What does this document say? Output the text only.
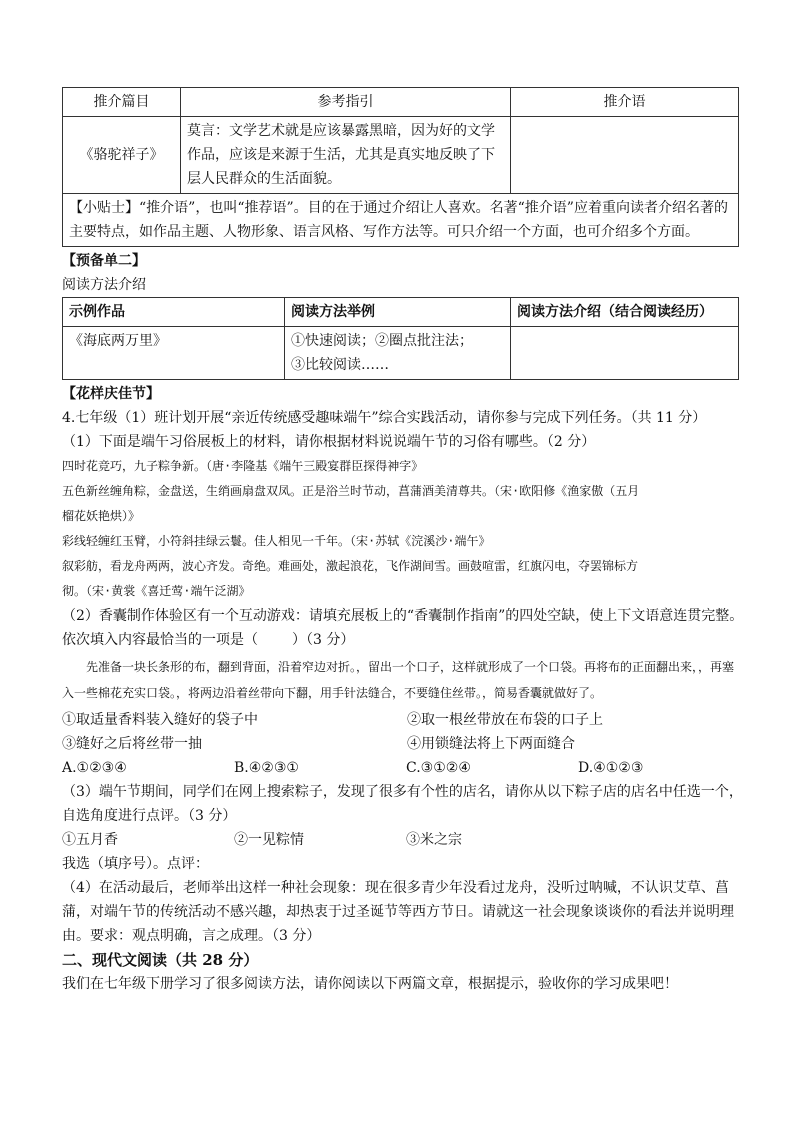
推介篇目	参考指引	推介语
《骆驼祥子》	莫言：文学艺术就是应该暴露黑暗，因为好的文学作品，应该是来源于生活，尤其是真实地反映了下层人民群众的生活面貌。	
【小贴士】“推介语”，也叫“推荐语”。目的在于通过介绍让人喜欢。名著“推介语”应着重向读者介绍名著的主要特点，如作品主题、人物形象、语言风格、写作方法等。可只介绍一个方面，也可介绍多个方面。		

【预备单二】

阅读方法介绍

示例作品	阅读方法举例	阅读方法介绍（结合阅读经历）
《海底两万里》	①快速阅读；②圈点批注法；
③比较阅读……	

【花样庆佳节】

4.七年级（1）班计划开展“亲近传统感受趣味端午”综合实践活动，请你参与完成下列任务。（共 11 分）

（1）下面是端午习俗展板上的材料，请你根据材料说说端午节的习俗有哪些。（2 分）

四时花竞巧，九子粽争新。（唐·李隆基《端午三殿宴群臣探得神字》

五色新丝缠角粽，金盘送，生绡画扇盘双凤。正是浴兰时节动，菖蒲酒美清尊共。（宋·欧阳修《渔家傲（五月

榴花妖艳烘）》

彩线轻缠红玉臂，小符斜挂绿云鬟。佳人相见一千年。（宋·苏轼《浣溪沙·端午》

叙彩舫，看龙舟两两，波心齐发。奇绝。难画处，激起浪花，飞作湖间雪。画鼓喧雷，红旗闪电，夺罢锦标方

彻。（宋·黄裳《喜迁莺·端午泛湖》

（2）香囊制作体验区有一个互动游戏：请填充展板上的“香囊制作指南”的四处空缺，使上下文语意连贯完整。

依次填入内容最恰当的一项是（ ）（3 分）

先准备一块长条形的布，翻到背面，沿着窄边对折。，留出一个口子，这样就形成了一个口袋。再将布的正面翻出来，，再塞入一些棉花充实口袋。，将两边沿着丝带向下翻，用手针法缝合，不要缝住丝带。，简易香囊就做好了。

①取适量香料装入缝好的袋子中	②取一根丝带放在布袋的口子上
③缝好之后将丝带一抽	④用锁缝法将上下两面缝合
A.①②③④	B.④②③①	C.③①②④	D.④①②③

（3）端午节期间，同学们在网上搜索粽子，发现了很多有个性的店名，请你从以下粽子店的店名中任选一个，

自选角度进行点评。（3 分）

①五月香	②一见粽情	③米之宗

我选（填序号）。点评：

（4）在活动最后，老师举出这样一种社会现象：现在很多青少年没看过龙舟，没听过呐喊，不认识艾草、菖

蒲，对端午节的传统活动不感兴趣，却热衷于过圣诞节等西方节日。请就这一社会现象谈谈你的看法并说明理

由。要求：观点明确，言之成理。（3 分）

二、现代文阅读（共 28 分）

我们在七年级下册学习了很多阅读方法，请你阅读以下两篇文章，根据提示，验收你的学习成果吧！
